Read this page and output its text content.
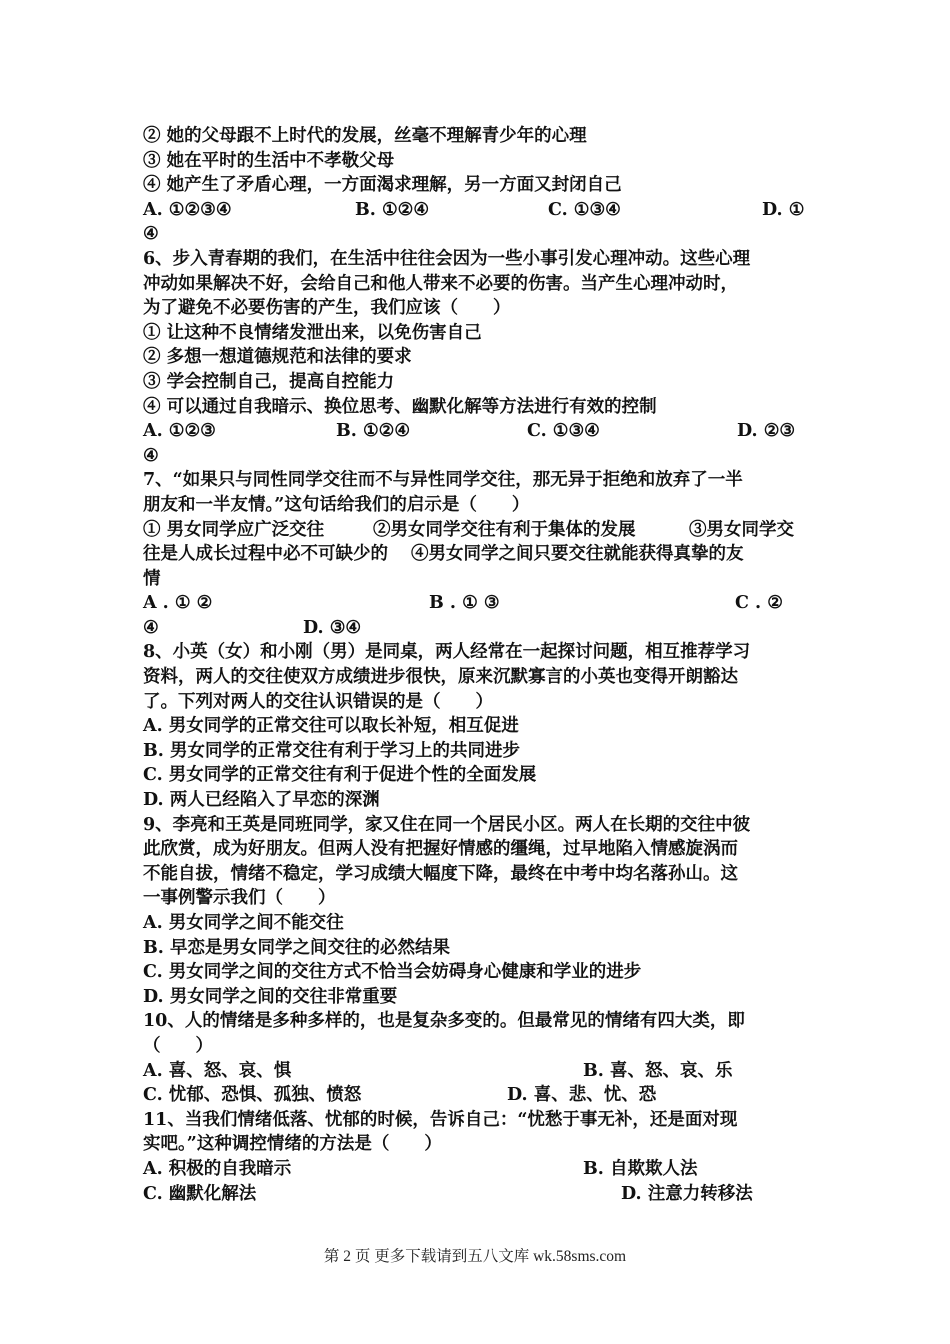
② 她的父母跟不上时代的发展，丝毫不理解青少年的心理
③ 她在平时的生活中不孝敬父母
④ 她产生了矛盾心理，一方面渴求理解，另一方面又封闭自己
A. ①②③④	B. ①②④	C. ①③④	D. ①
④
6、步入青春期的我们，在生活中往往会因为一些小事引发心理冲动。这些心理
冲动如果解决不好，会给自己和他人带来不必要的伤害。当产生心理冲动时，
为了避免不必要伤害的产生，我们应该（　　）
① 让这种不良情绪发泄出来，以免伤害自己
② 多想一想道德规范和法律的要求
③ 学会控制自己，提高自控能力
④ 可以通过自我暗示、换位思考、幽默化解等方法进行有效的控制
A. ①②③	B. ①②④	C. ①③④	D. ②③
④
7、“如果只与同性同学交往而不与异性同学交往，那无异于拒绝和放弃了一半
朋友和一半友情。”这句话给我们的启示是（　　）
① 男女同学应广泛交往	②男女同学交往有利于集体的发展	③男女同学交
往是人成长过程中必不可缺少的	④男女同学之间只要交往就能获得真挚的友
情
A . ① ②	B . ① ③	C . ②
④	D. ③④
8、小英（女）和小刚（男）是同桌，两人经常在一起探讨问题，相互推荐学习
资料，两人的交往使双方成绩进步很快，原来沉默寡言的小英也变得开朗豁达
了。下列对两人的交往认识错误的是（　　）
A. 男女同学的正常交往可以取长补短，相互促进
B. 男女同学的正常交往有利于学习上的共同进步
C. 男女同学的正常交往有利于促进个性的全面发展
D. 两人已经陷入了早恋的深渊
9、李亮和王英是同班同学，家又住在同一个居民小区。两人在长期的交往中彼
此欣赏，成为好朋友。但两人没有把握好情感的缰绳，过早地陷入情感旋涡而
不能自拔，情绪不稳定，学习成绩大幅度下降，最终在中考中均名落孙山。这
一事例警示我们（　　）
A. 男女同学之间不能交往
B. 早恋是男女同学之间交往的必然结果
C. 男女同学之间的交往方式不恰当会妨碍身心健康和学业的进步
D. 男女同学之间的交往非常重要
10、人的情绪是多种多样的，也是复杂多变的。但最常见的情绪有四大类，即
（　　）
A. 喜、怒、哀、惧	B. 喜、怒、哀、乐
C. 忧郁、恐惧、孤独、愤怒	D. 喜、悲、忧、恐
11、当我们情绪低落、忧郁的时候，告诉自己：“忧愁于事无补，还是面对现
实吧。”这种调控情绪的方法是（　　）
A. 积极的自我暗示	B. 自欺欺人法
C. 幽默化解法	D. 注意力转移法
第 2 页 更多下载请到五八文库 wk.58sms.com
